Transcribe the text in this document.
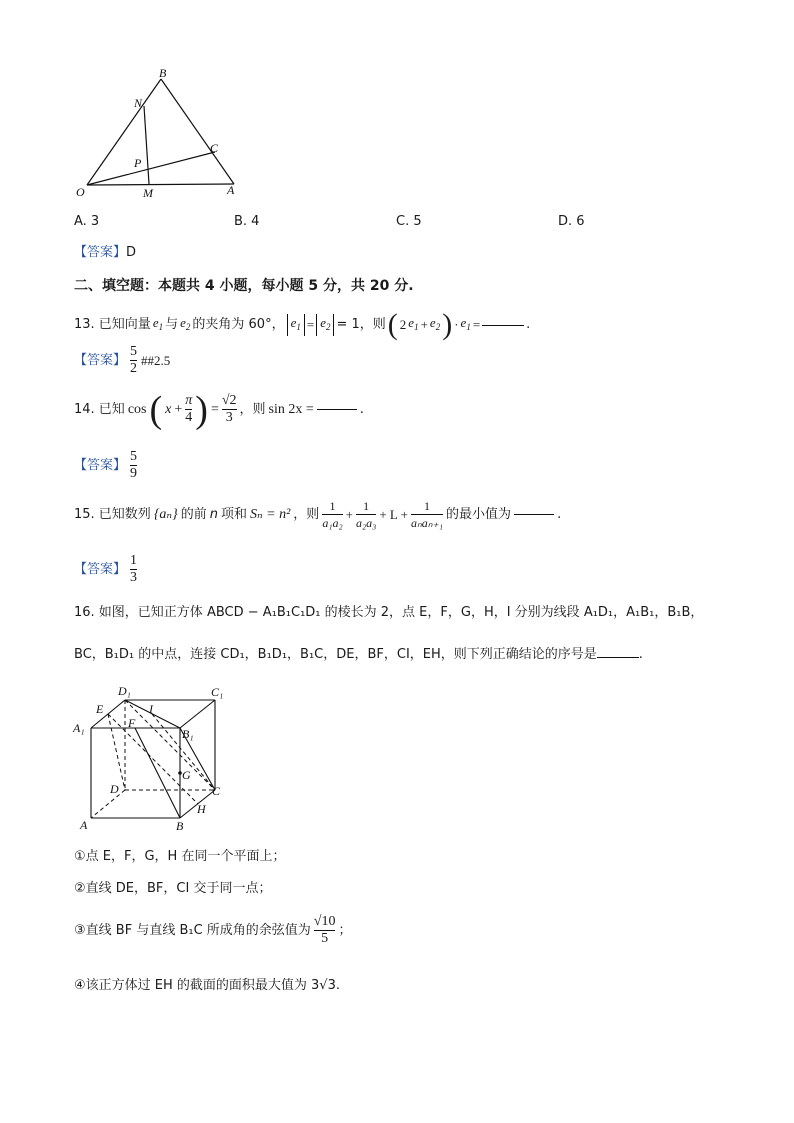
B
N
C
P
O	M	A
A. 3	B. 4	C. 5	D. 6
【答案】D
二、填空题：本题共 4 小题，每小题 5 分，共 20 分.
13. 已知向量 $e_1$ 与 $e_2$ 的夹角为 60°， $e_1 = e_2 = 1$，则 ( 2 $e_1 + e_2$ ) · $e_1$ =	.
【答案】 $\frac{5}{2}$ ##2.5
14. 已知 cos ( $x + \frac{\pi}{4}$ ) = $\frac{√2}{3}$ ，则 sin 2x =	.
【答案】 $\frac{5}{9}$
15. 已知数列 {aₙ} 的前 n 项和 Sₙ = n² ，则 $\frac{1}{\text{a₁a₂}} + \frac{1}{\text{a₂a₃}} + L + \frac{1}{\text{aₙaₙ₊₁}}$ 的最小值为	.
【答案】 $\frac{1}{3}$
16. 如图，已知正方体 ABCD − A₁B₁C₁D₁ 的棱长为 2，点 E，F，G，H，I 分别为线段 A₁D₁，A₁B₁，B₁B，
BC，B₁D₁ 的中点，连接 CD₁，B₁D₁，B₁C，DE，BF，CI，EH，则下列正确结论的序号是	.
D₁	C₁
A₁	B₁
E	I
F
G
D	C
H
A	B
①点 E，F，G，H 在同一个平面上；
②直线 DE，BF，CI 交于同一点；
③直线 BF 与直线 B₁C 所成角的余弦值为 $\frac{√10}{5}$ ；
④该正方体过 EH 的截面的面积最大值为 3√3.
